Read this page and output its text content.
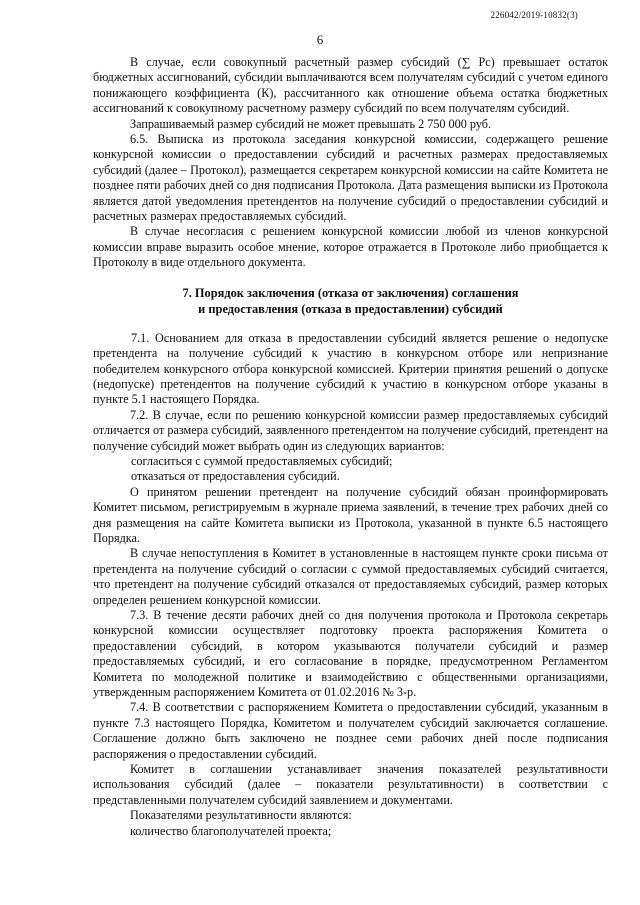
226042/2019-10832(3)
6

В случае, если совокупный расчетный размер субсидий (∑ Рс) превышает остаток бюджетных ассигнований, субсидии выплачиваются всем получателям субсидий с учетом единого понижающего коэффициента (К), рассчитанного как отношение объема остатка бюджетных ассигнований к совокупному расчетному размеру субсидий по всем получателям субсидий.

Запрашиваемый размер субсидий не может превышать 2 750 000 руб.

6.5. Выписка из протокола заседания конкурсной комиссии, содержащего решение конкурсной комиссии о предоставлении субсидий и расчетных размерах предоставляемых субсидий (далее – Протокол), размещается секретарем конкурсной комиссии на сайте Комитета не позднее пяти рабочих дней со дня подписания Протокола. Дата размещения выписки из Протокола является датой уведомления претендентов на получение субсидий о предоставлении субсидий и расчетных размерах предоставляемых субсидий.

В случае несогласия с решением конкурсной комиссии любой из членов конкурсной комиссии вправе выразить особое мнение, которое отражается в Протоколе либо приобщается к Протоколу в виде отдельного документа.

7. Порядок заключения (отказа от заключения) соглашения
и предоставления (отказа в предоставлении) субсидий

7.1. Основанием для отказа в предоставлении субсидий является решение о недопуске претендента на получение субсидий к участию в конкурсном отборе или непризнание победителем конкурсного отбора конкурсной комиссией. Критерии принятия решений о допуске (недопуске) претендентов на получение субсидий к участию в конкурсном отборе указаны в пункте 5.1 настоящего Порядка.

7.2. В случае, если по решению конкурсной комиссии размер предоставляемых субсидий отличается от размера субсидий, заявленного претендентом на получение субсидий, претендент на получение субсидий может выбрать один из следующих вариантов:

согласиться с суммой предоставляемых субсидий;

отказаться от предоставления субсидий.

О принятом решении претендент на получение субсидий обязан проинформировать Комитет письмом, регистрируемым в журнале приема заявлений, в течение трех рабочих дней со дня размещения на сайте Комитета выписки из Протокола, указанной в пункте 6.5 настоящего Порядка.

В случае непоступления в Комитет в установленные в настоящем пункте сроки письма от претендента на получение субсидий о согласии с суммой предоставляемых субсидий считается, что претендент на получение субсидий отказался от предоставляемых субсидий, размер которых определен решением конкурсной комиссии.

7.3. В течение десяти рабочих дней со дня получения протокола и Протокола секретарь конкурсной комиссии осуществляет подготовку проекта распоряжения Комитета о предоставлении субсидий, в котором указываются получатели субсидий и размер предоставляемых субсидий, и его согласование в порядке, предусмотренном Регламентом Комитета по молодежной политике и взаимодействию с общественными организациями, утвержденным распоряжением Комитета от 01.02.2016 № 3-р.

7.4. В соответствии с распоряжением Комитета о предоставлении субсидий, указанным в пункте 7.3 настоящего Порядка, Комитетом и получателем субсидий заключается соглашение. Соглашение должно быть заключено не позднее семи рабочих дней после подписания распоряжения о предоставлении субсидий.

Комитет в соглашении устанавливает значения показателей результативности использования субсидий (далее – показатели результативности) в соответствии с представленными получателем субсидий заявлением и документами.

Показателями результативности являются:

количество благополучателей проекта;
